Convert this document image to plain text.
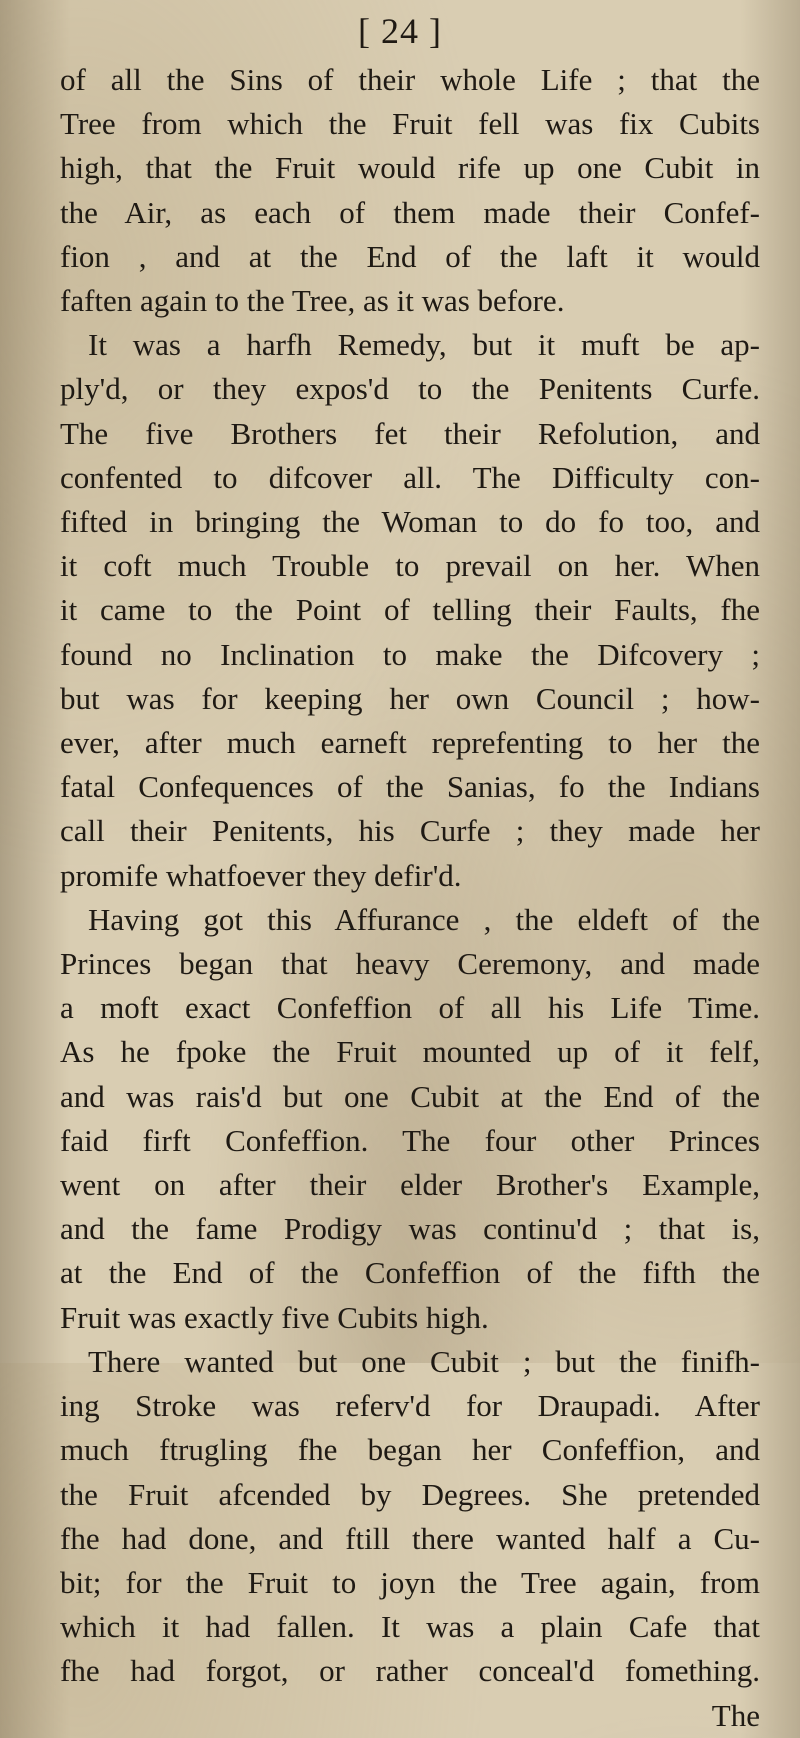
[ 24 ]
of all the Sins of their whole Life ; that the
Tree from which the Fruit fell was fix Cubits
high, that the Fruit would rife up one Cubit in
the Air, as each of them made their Confef-
fion , and at the End of the laft it would
faften again to the Tree, as it was before.
It was a harfh Remedy, but it muft be ap-
ply'd, or they expos'd to the Penitents Curfe.
The five Brothers fet their Refolution, and
confented to difcover all. The Difficulty con-
fifted in bringing the Woman to do fo too, and
it coft much Trouble to prevail on her. When
it came to the Point of telling their Faults, fhe
found no Inclination to make the Difcovery ;
but was for keeping her own Council ; how-
ever, after much earneft reprefenting to her the
fatal Confequences of the Sanias, fo the Indians
call their Penitents, his Curfe ; they made her
promife whatfoever they defir'd.
Having got this Affurance , the eldeft of the
Princes began that heavy Ceremony, and made
a moft exact Confeffion of all his Life Time.
As he fpoke the Fruit mounted up of it felf,
and was rais'd but one Cubit at the End of the
faid firft Confeffion. The four other Princes
went on after their elder Brother's Example,
and the fame Prodigy was continu'd ; that is,
at the End of the Confeffion of the fifth the
Fruit was exactly five Cubits high.
There wanted but one Cubit ; but the finifh-
ing Stroke was referv'd for Draupadi. After
much ftrugling fhe began her Confeffion, and
the Fruit afcended by Degrees. She pretended
fhe had done, and ftill there wanted half a Cu-
bit; for the Fruit to joyn the Tree again, from
which it had fallen. It was a plain Cafe that
fhe had forgot, or rather conceal'd fomething.
The
